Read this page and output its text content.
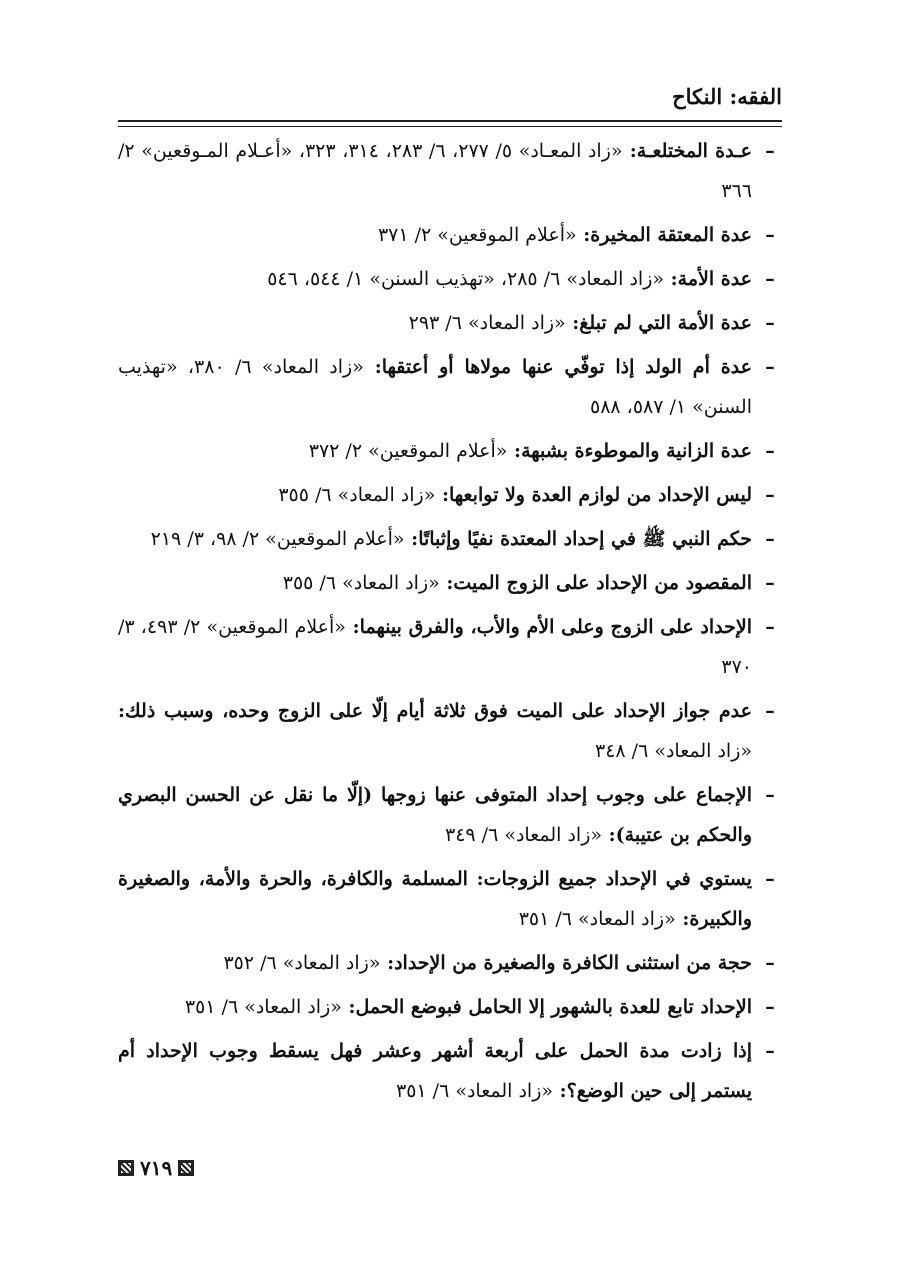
الفقه: النكاح
–
عـدة المختلعـة: «زاد المعـاد» ٥/ ٢٧٧، ٦/ ٢٨٣، ٣١٤، ٣٢٣، «أعـلام المـوقعين» ٢/ ٣٦٦
–
عدة المعتقة المخيرة: «أعلام الموقعين» ٢/ ٣٧١
–
عدة الأمة: «زاد المعاد» ٦/ ٢٨٥، «تهذيب السنن» ١/ ٥٤٤، ٥٤٦
–
عدة الأمة التي لم تبلغ: «زاد المعاد» ٦/ ٢٩٣
–
عدة أم الولد إذا توفّي عنها مولاها أو أعتقها: «زاد المعاد» ٦/ ٣٨٠، «تهذيب السنن» ١/ ٥٨٧، ٥٨٨
–
عدة الزانية والموطوءة بشبهة: «أعلام الموقعين» ٢/ ٣٧٢
–
ليس الإحداد من لوازم العدة ولا توابعها: «زاد المعاد» ٦/ ٣٥٥
–
حكم النبي ﷺ في إحداد المعتدة نفيًا وإثباتًا: «أعلام الموقعين» ٢/ ٩٨، ٣/ ٢١٩
–
المقصود من الإحداد على الزوج الميت: «زاد المعاد» ٦/ ٣٥٥
–
الإحداد على الزوج وعلى الأم والأب، والفرق بينهما: «أعلام الموقعين» ٢/ ٤٩٣، ٣/ ٣٧٠
–
عدم جواز الإحداد على الميت فوق ثلاثة أيام إلّا على الزوج وحده، وسبب ذلك: «زاد المعاد» ٦/ ٣٤٨
–
الإجماع على وجوب إحداد المتوفى عنها زوجها (إلّا ما نقل عن الحسن البصري والحكم بن عتيبة): «زاد المعاد» ٦/ ٣٤٩
–
يستوي في الإحداد جميع الزوجات: المسلمة والكافرة، والحرة والأمة، والصغيرة والكبيرة: «زاد المعاد» ٦/ ٣٥١
–
حجة من استثنى الكافرة والصغيرة من الإحداد: «زاد المعاد» ٦/ ٣٥٢
–
الإحداد تابع للعدة بالشهور إلا الحامل فبوضع الحمل: «زاد المعاد» ٦/ ٣٥١
–
إذا زادت مدة الحمل على أربعة أشهر وعشر فهل يسقط وجوب الإحداد أم يستمر إلى حين الوضع؟: «زاد المعاد» ٦/ ٣٥١
٧١٩
